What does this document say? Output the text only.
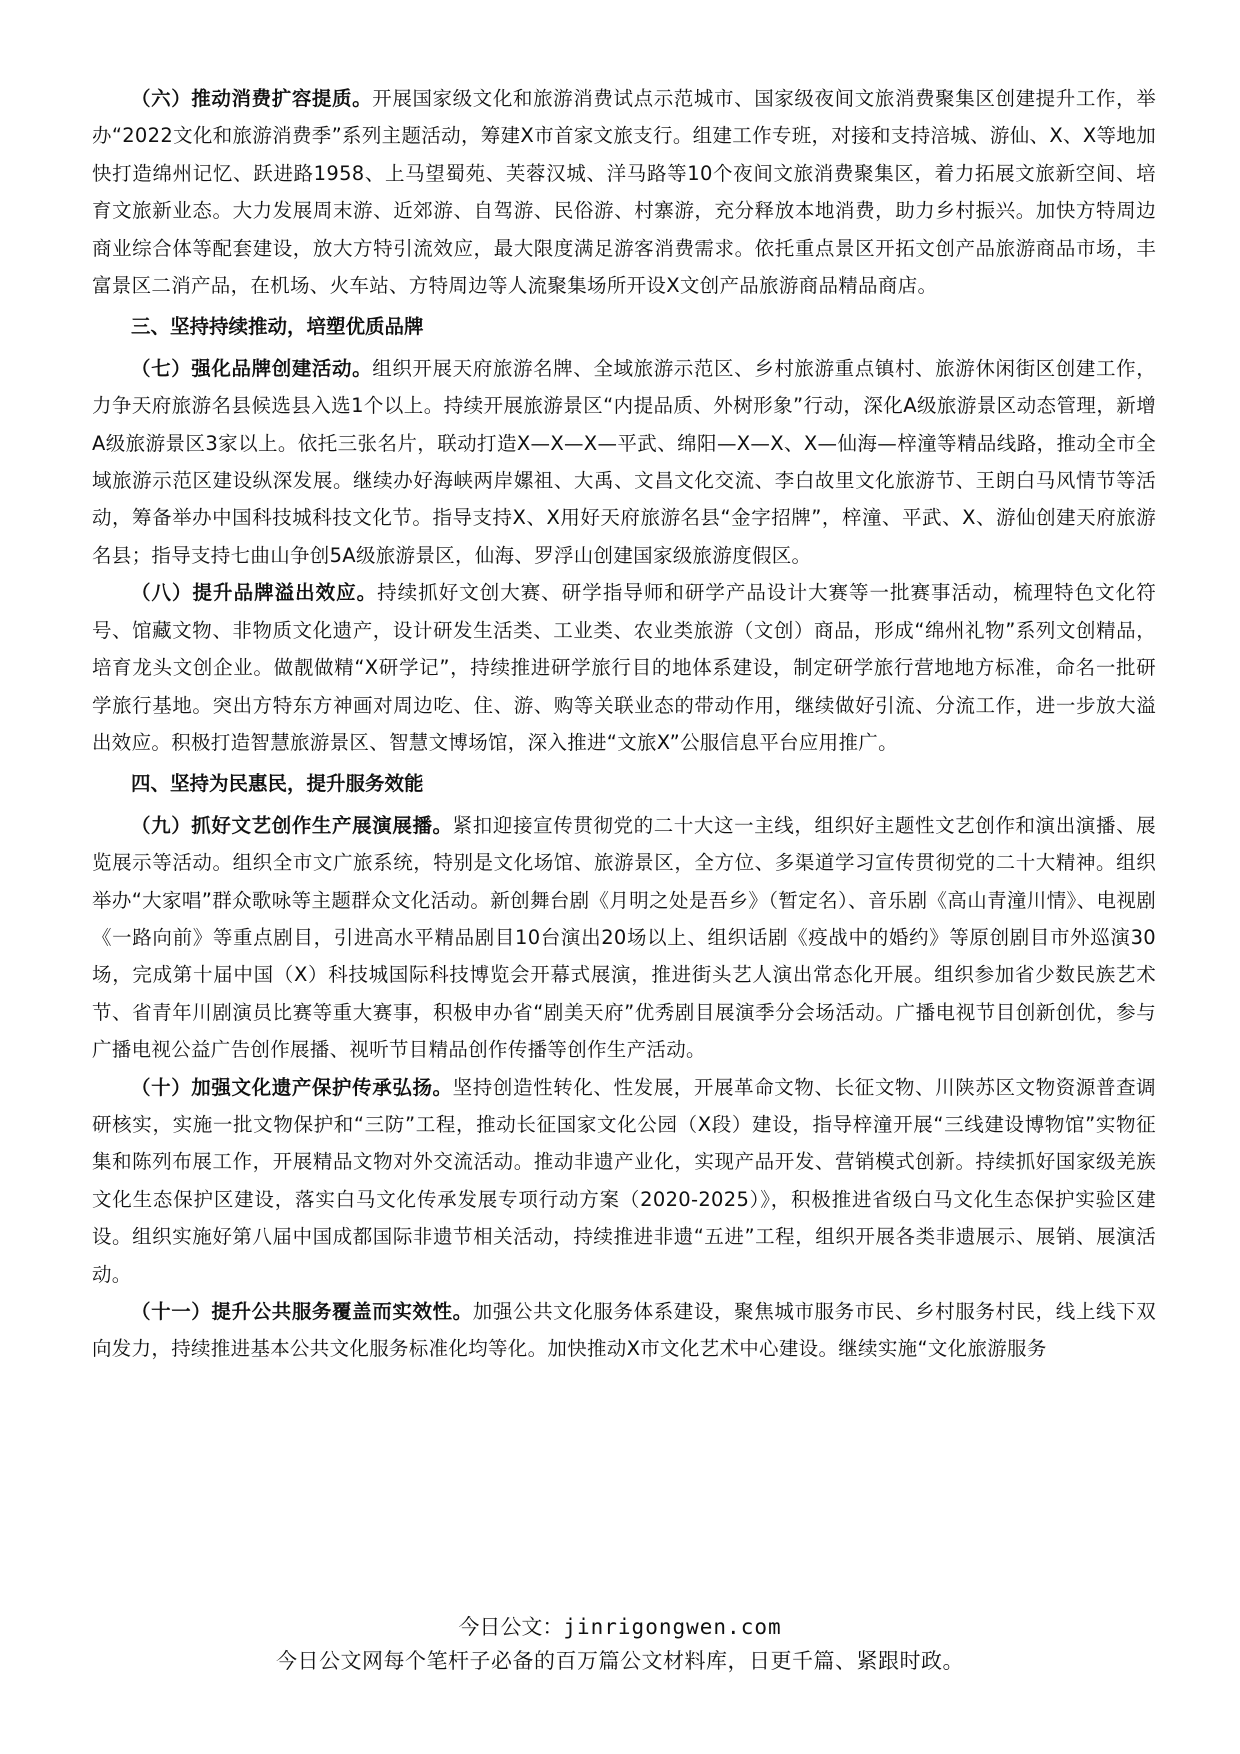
（六）推动消费扩容提质。开展国家级文化和旅游消费试点示范城市、国家级夜间文旅消费聚集区创建提升工作，举办“2022文化和旅游消费季”系列主题活动，筹建X市首家文旅支行。组建工作专班，对接和支持涪城、游仙、X、X等地加快打造绵州记忆、跃进路1958、上马望蜀苑、芙蓉汉城、洋马路等10个夜间文旅消费聚集区，着力拓展文旅新空间、培育文旅新业态。大力发展周末游、近郊游、自驾游、民俗游、村寨游，充分释放本地消费，助力乡村振兴。加快方特周边商业综合体等配套建设，放大方特引流效应，最大限度满足游客消费需求。依托重点景区开拓文创产品旅游商品市场，丰富景区二消产品，在机场、火车站、方特周边等人流聚集场所开设X文创产品旅游商品精品商店。

三、坚持持续推动，培塑优质品牌

（七）强化品牌创建活动。组织开展天府旅游名牌、全域旅游示范区、乡村旅游重点镇村、旅游休闲街区创建工作，力争天府旅游名县候选县入选1个以上。持续开展旅游景区“内提品质、外树形象”行动，深化A级旅游景区动态管理，新增A级旅游景区3家以上。依托三张名片，联动打造X—X—X—平武、绵阳—X—X、X—仙海—梓潼等精品线路，推动全市全域旅游示范区建设纵深发展。继续办好海峡两岸嫘祖、大禹、文昌文化交流、李白故里文化旅游节、王朗白马风情节等活动，筹备举办中国科技城科技文化节。指导支持X、X用好天府旅游名县“金字招牌”，梓潼、平武、X、游仙创建天府旅游名县；指导支持七曲山争创5A级旅游景区，仙海、罗浮山创建国家级旅游度假区。

（八）提升品牌溢出效应。持续抓好文创大赛、研学指导师和研学产品设计大赛等一批赛事活动，梳理特色文化符号、馆藏文物、非物质文化遗产，设计研发生活类、工业类、农业类旅游（文创）商品，形成“绵州礼物”系列文创精品，培育龙头文创企业。做靓做精“X研学记”，持续推进研学旅行目的地体系建设，制定研学旅行营地地方标准，命名一批研学旅行基地。突出方特东方神画对周边吃、住、游、购等关联业态的带动作用，继续做好引流、分流工作，进一步放大溢出效应。积极打造智慧旅游景区、智慧文博场馆，深入推进“文旅X”公服信息平台应用推广。

四、坚持为民惠民，提升服务效能

（九）抓好文艺创作生产展演展播。紧扣迎接宣传贯彻党的二十大这一主线，组织好主题性文艺创作和演出演播、展览展示等活动。组织全市文广旅系统，特别是文化场馆、旅游景区，全方位、多渠道学习宣传贯彻党的二十大精神。组织举办“大家唱”群众歌咏等主题群众文化活动。新创舞台剧《月明之处是吾乡》（暂定名）、音乐剧《高山青潼川情》、电视剧《一路向前》等重点剧目，引进高水平精品剧目10台演出20场以上、组织话剧《疫战中的婚约》等原创剧目市外巡演30场，完成第十届中国（X）科技城国际科技博览会开幕式展演，推进街头艺人演出常态化开展。组织参加省少数民族艺术节、省青年川剧演员比赛等重大赛事，积极申办省“剧美天府”优秀剧目展演季分会场活动。广播电视节目创新创优，参与广播电视公益广告创作展播、视听节目精品创作传播等创作生产活动。

（十）加强文化遗产保护传承弘扬。坚持创造性转化、性发展，开展革命文物、长征文物、川陕苏区文物资源普查调研核实，实施一批文物保护和“三防”工程，推动长征国家文化公园（X段）建设，指导梓潼开展“三线建设博物馆”实物征集和陈列布展工作，开展精品文物对外交流活动。推动非遗产业化，实现产品开发、营销模式创新。持续抓好国家级羌族文化生态保护区建设，落实白马文化传承发展专项行动方案（2020-2025）》，积极推进省级白马文化生态保护实验区建设。组织实施好第八届中国成都国际非遗节相关活动，持续推进非遗“五进”工程，组织开展各类非遗展示、展销、展演活动。

（十一）提升公共服务覆盖而实效性。加强公共文化服务体系建设，聚焦城市服务市民、乡村服务村民，线上线下双向发力，持续推进基本公共文化服务标准化均等化。加快推动X市文化艺术中心建设。继续实施“文化旅游服务

今日公文：jinrigongwen.com
今日公文网每个笔杆子必备的百万篇公文材料库，日更千篇、紧跟时政。
